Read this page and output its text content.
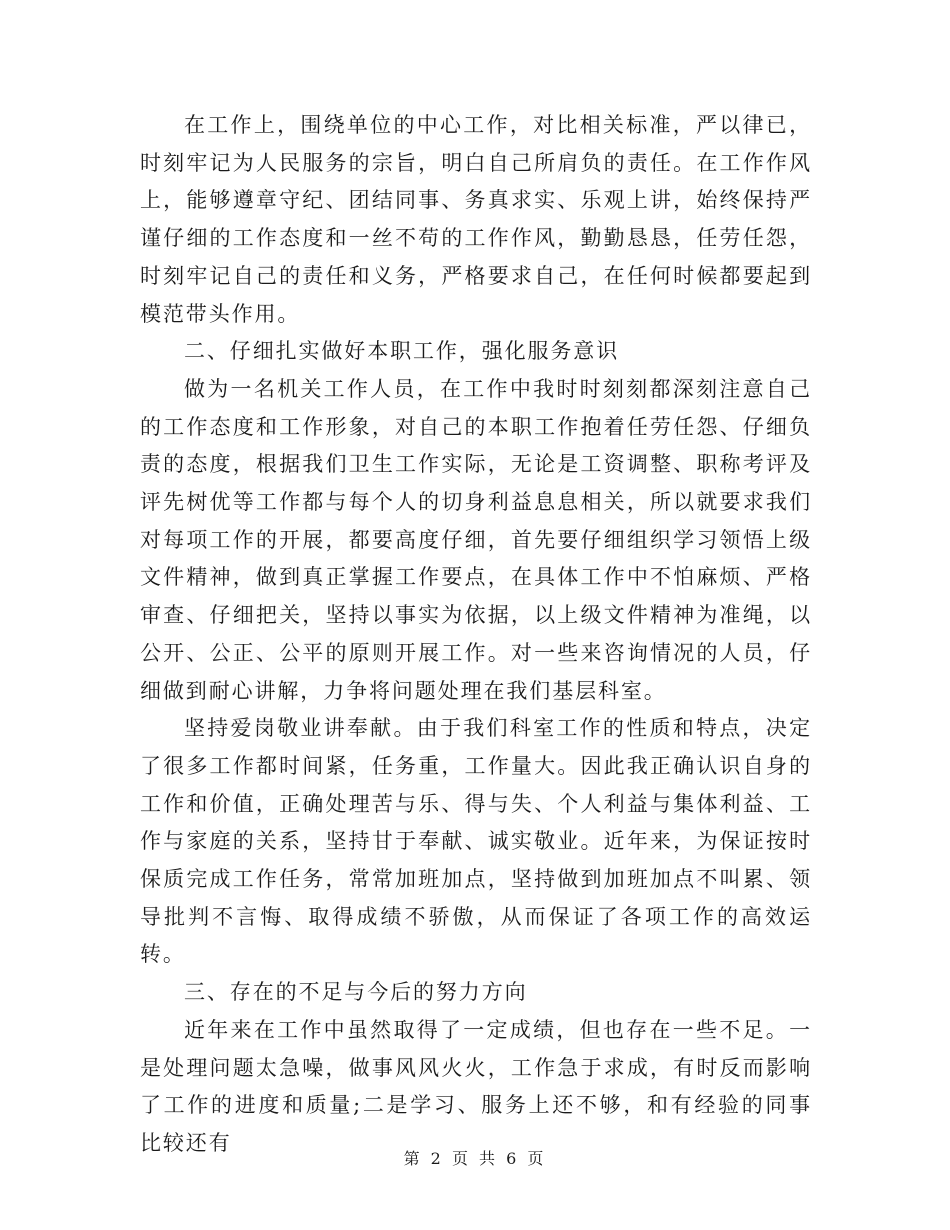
在工作上，围绕单位的中心工作，对比相关标准，严以律已，时刻牢记为人民服务的宗旨，明白自己所肩负的责任。在工作作风上，能够遵章守纪、团结同事、务真求实、乐观上讲，始终保持严谨仔细的工作态度和一丝不苟的工作作风，勤勤恳恳，任劳任怨，时刻牢记自己的责任和义务，严格要求自己，在任何时候都要起到模范带头作用。

二、仔细扎实做好本职工作，强化服务意识

做为一名机关工作人员，在工作中我时时刻刻都深刻注意自己的工作态度和工作形象，对自己的本职工作抱着任劳任怨、仔细负责的态度，根据我们卫生工作实际，无论是工资调整、职称考评及评先树优等工作都与每个人的切身利益息息相关，所以就要求我们对每项工作的开展，都要高度仔细，首先要仔细组织学习领悟上级文件精神，做到真正掌握工作要点，在具体工作中不怕麻烦、严格审查、仔细把关，坚持以事实为依据，以上级文件精神为准绳，以公开、公正、公平的原则开展工作。对一些来咨询情况的人员，仔细做到耐心讲解，力争将问题处理在我们基层科室。

坚持爱岗敬业讲奉献。由于我们科室工作的性质和特点，决定了很多工作都时间紧，任务重，工作量大。因此我正确认识自身的工作和价值，正确处理苦与乐、得与失、个人利益与集体利益、工作与家庭的关系，坚持甘于奉献、诚实敬业。近年来，为保证按时保质完成工作任务，常常加班加点，坚持做到加班加点不叫累、领导批判不言悔、取得成绩不骄傲，从而保证了各项工作的高效运转。

三、存在的不足与今后的努力方向

近年来在工作中虽然取得了一定成绩，但也存在一些不足。一是处理问题太急噪，做事风风火火，工作急于求成，有时反而影响了工作的进度和质量;二是学习、服务上还不够，和有经验的同事比较还有

第 2 页 共 6 页
